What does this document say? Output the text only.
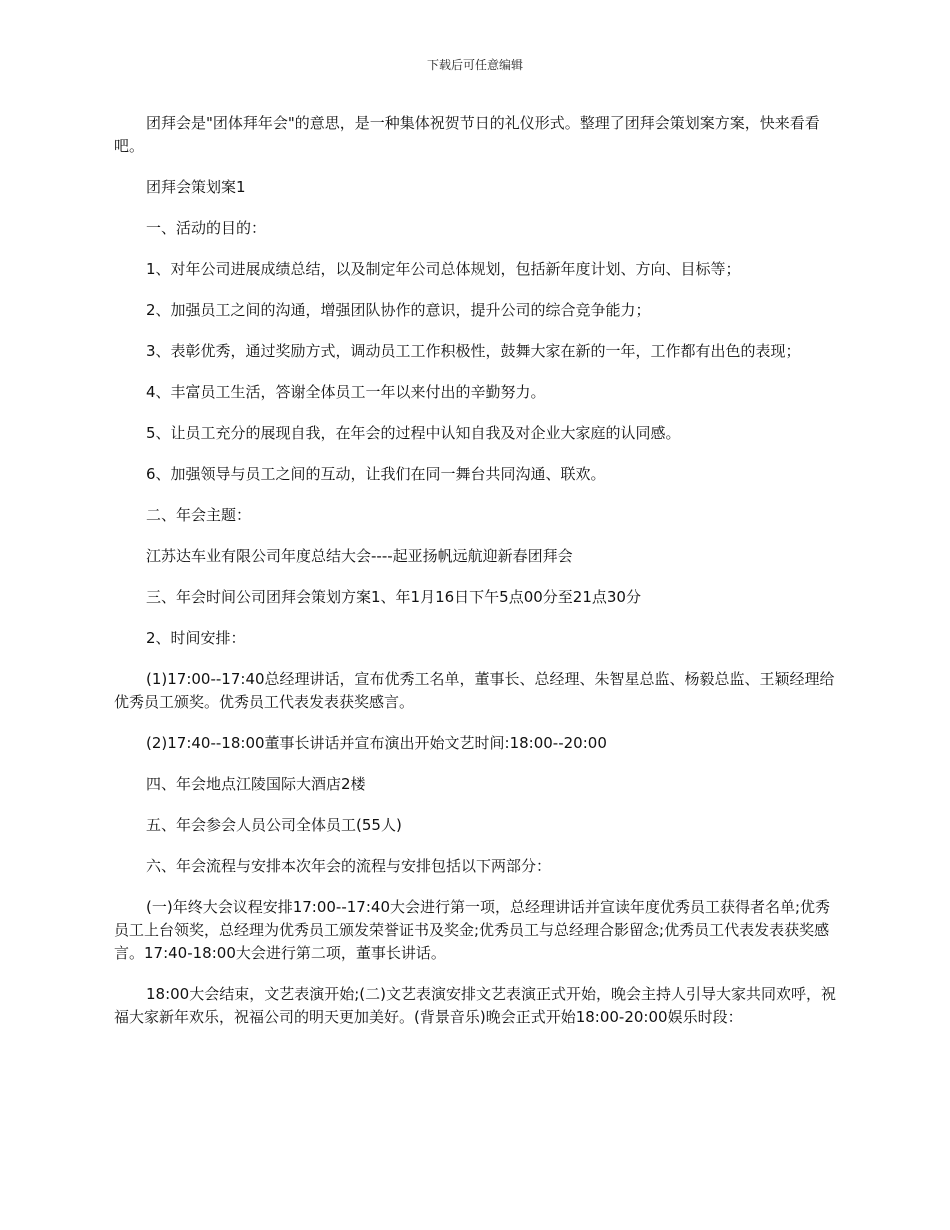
下载后可任意编辑

团拜会是"团体拜年会"的意思，是一种集体祝贺节日的礼仪形式。整理了团拜会策划案方案，快来看看吧。

团拜会策划案1

一、活动的目的：

1、对年公司进展成绩总结，以及制定年公司总体规划，包括新年度计划、方向、目标等；

2、加强员工之间的沟通，增强团队协作的意识，提升公司的综合竞争能力；

3、表彰优秀，通过奖励方式，调动员工工作积极性，鼓舞大家在新的一年，工作都有出色的表现；

4、丰富员工生活，答谢全体员工一年以来付出的辛勤努力。

5、让员工充分的展现自我，在年会的过程中认知自我及对企业大家庭的认同感。

6、加强领导与员工之间的互动，让我们在同一舞台共同沟通、联欢。

二、年会主题：

江苏达车业有限公司年度总结大会----起亚扬帆远航迎新春团拜会

三、年会时间公司团拜会策划方案1、年1月16日下午5点00分至21点30分

2、时间安排：

(1)17:00--17:40总经理讲话，宣布优秀工名单，董事长、总经理、朱智星总监、杨毅总监、王颖经理给优秀员工颁奖。优秀员工代表发表获奖感言。

(2)17:40--18:00董事长讲话并宣布演出开始文艺时间:18:00--20:00

四、年会地点江陵国际大酒店2楼

五、年会参会人员公司全体员工(55人)

六、年会流程与安排本次年会的流程与安排包括以下两部分：

(一)年终大会议程安排17:00--17:40大会进行第一项，总经理讲话并宣读年度优秀员工获得者名单;优秀员工上台领奖，总经理为优秀员工颁发荣誉证书及奖金;优秀员工与总经理合影留念;优秀员工代表发表获奖感言。17:40-18:00大会进行第二项，董事长讲话。

18:00大会结束，文艺表演开始;(二)文艺表演安排文艺表演正式开始，晚会主持人引导大家共同欢呼，祝福大家新年欢乐，祝福公司的明天更加美好。(背景音乐)晚会正式开始18:00-20:00娱乐时段：
